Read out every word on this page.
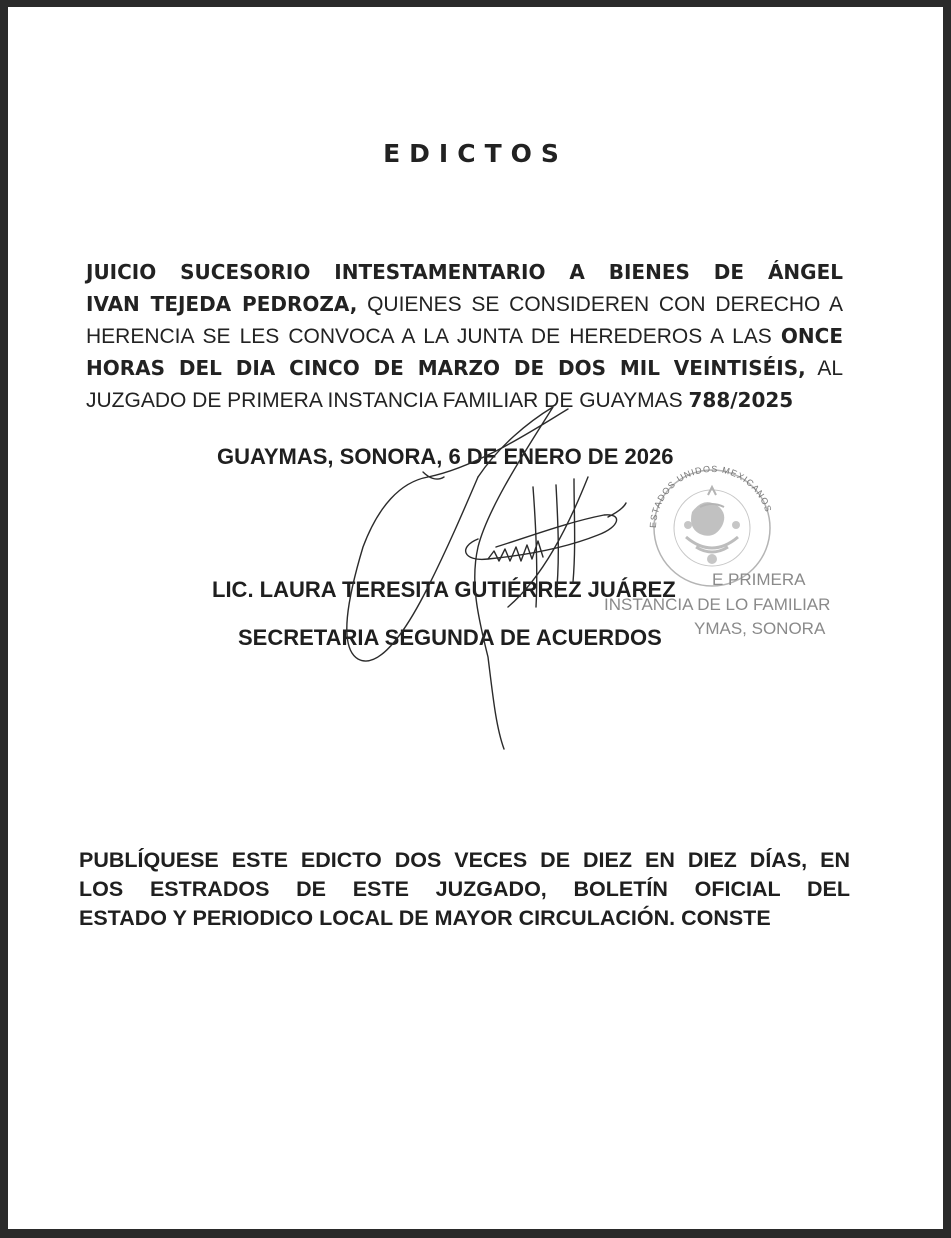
EDICTOS
JUICIO SUCESORIO INTESTAMENTARIO A BIENES DE ÁNGEL
IVAN TEJEDA PEDROZA, QUIENES SE CONSIDEREN CON DERECHO A
HERENCIA SE LES CONVOCA A LA JUNTA DE HEREDEROS A LAS ONCE
HORAS DEL DIA CINCO DE MARZO DE DOS MIL VEINTISÉIS, AL
JUZGADO DE PRIMERA INSTANCIA FAMILIAR DE GUAYMAS 788/2025
GUAYMAS, SONORA, 6 DE ENERO DE 2026
ESTADOS UNIDOS MEXICANOS
E PRIMERA
INSTANCIA DE LO FAMILIAR
YMAS, SONORA
LIC. LAURA TERESITA GUTIÉRREZ JUÁREZ
SECRETARIA SEGUNDA DE ACUERDOS
PUBLÍQUESE ESTE EDICTO DOS VECES DE DIEZ EN DIEZ DÍAS, EN
LOS ESTRADOS DE ESTE JUZGADO, BOLETÍN OFICIAL DEL
ESTADO Y PERIODICO LOCAL DE MAYOR CIRCULACIÓN. CONSTE
